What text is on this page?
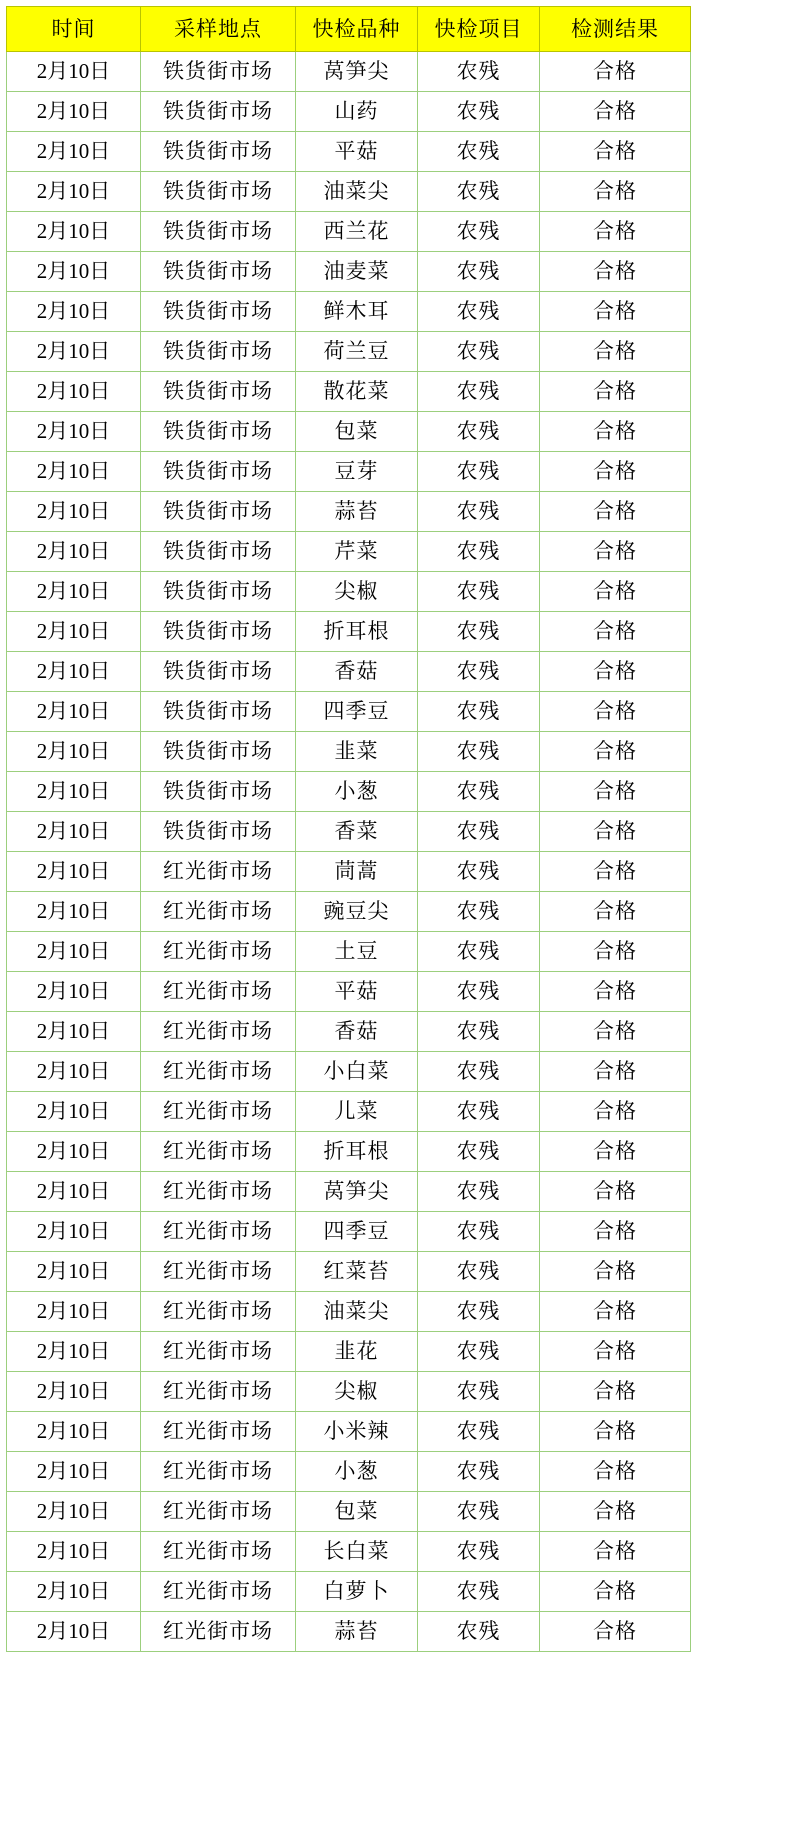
时间	采样地点	快检品种	快检项目	检测结果
2月10日	铁货街市场	莴笋尖	农残	合格
2月10日	铁货街市场	山药	农残	合格
2月10日	铁货街市场	平菇	农残	合格
2月10日	铁货街市场	油菜尖	农残	合格
2月10日	铁货街市场	西兰花	农残	合格
2月10日	铁货街市场	油麦菜	农残	合格
2月10日	铁货街市场	鲜木耳	农残	合格
2月10日	铁货街市场	荷兰豆	农残	合格
2月10日	铁货街市场	散花菜	农残	合格
2月10日	铁货街市场	包菜	农残	合格
2月10日	铁货街市场	豆芽	农残	合格
2月10日	铁货街市场	蒜苔	农残	合格
2月10日	铁货街市场	芹菜	农残	合格
2月10日	铁货街市场	尖椒	农残	合格
2月10日	铁货街市场	折耳根	农残	合格
2月10日	铁货街市场	香菇	农残	合格
2月10日	铁货街市场	四季豆	农残	合格
2月10日	铁货街市场	韭菜	农残	合格
2月10日	铁货街市场	小葱	农残	合格
2月10日	铁货街市场	香菜	农残	合格
2月10日	红光街市场	茼蒿	农残	合格
2月10日	红光街市场	豌豆尖	农残	合格
2月10日	红光街市场	土豆	农残	合格
2月10日	红光街市场	平菇	农残	合格
2月10日	红光街市场	香菇	农残	合格
2月10日	红光街市场	小白菜	农残	合格
2月10日	红光街市场	儿菜	农残	合格
2月10日	红光街市场	折耳根	农残	合格
2月10日	红光街市场	莴笋尖	农残	合格
2月10日	红光街市场	四季豆	农残	合格
2月10日	红光街市场	红菜苔	农残	合格
2月10日	红光街市场	油菜尖	农残	合格
2月10日	红光街市场	韭花	农残	合格
2月10日	红光街市场	尖椒	农残	合格
2月10日	红光街市场	小米辣	农残	合格
2月10日	红光街市场	小葱	农残	合格
2月10日	红光街市场	包菜	农残	合格
2月10日	红光街市场	长白菜	农残	合格
2月10日	红光街市场	白萝卜	农残	合格
2月10日	红光街市场	蒜苔	农残	合格
